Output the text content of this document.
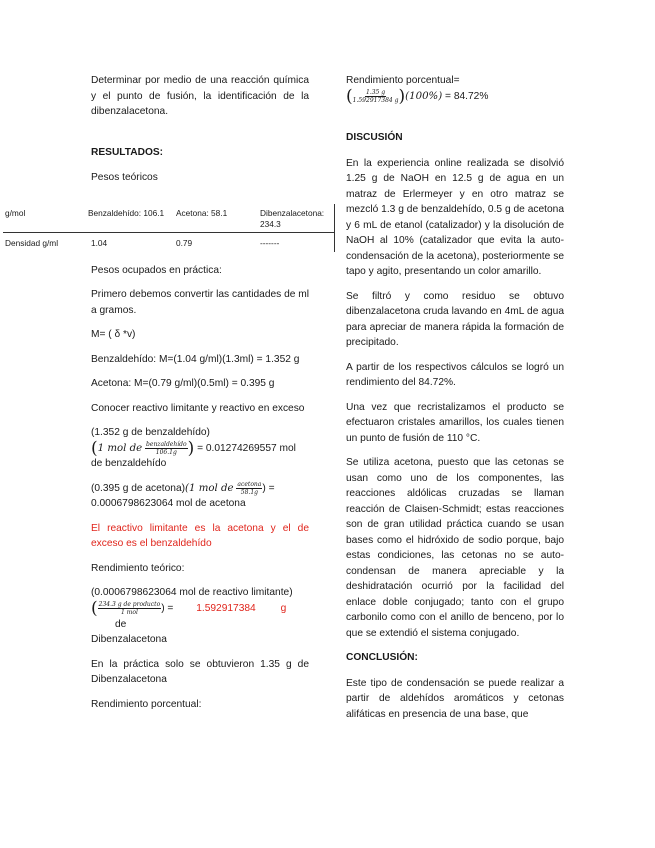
Determinar por medio de una reacción química y el punto de fusión, la identificación de la dibenzalacetona.

RESULTADOS:

Pesos teóricos

Pesos ocupados en práctica:

Primero debemos convertir las cantidades de ml a gramos.

M= ( δ *v)

Benzaldehído: M=(1.04 g/ml)(1.3ml) = 1.352 g

Acetona: M=(0.79 g/ml)(0.5ml) = 0.395 g

Conocer reactivo limitante y reactivo en exceso

(1.352 g de benzaldehído)
(1 mol de $\frac{\text{benzaldehído}}{106.1g}$ ) = 0.01274269557 mol
de benzaldehído

(0.395 g de acetona)(1 mol de $\frac{\text{acetona}}{58.1g}$ ) =
0.0006798623064 mol de acetona

El reactivo limitante es la acetona y el de exceso es el benzaldehído

Rendimiento teórico:

(0.0006798623064 mol de reactivo limitante)
( $\frac{\text{234.3 g de producto}}{\text{1 mol}}$ ) = 1.592917384 g de
Dibenzalacetona

En la práctica solo se obtuvieron 1.35 g de Dibenzalacetona

Rendimiento porcentual:

g/mol	Benzaldehído: 106.1	Acetona: 58.1	Dibenzalacetona: 234.3
Densidad g/ml	1.04	0.79	-------

Rendimiento porcentual=

( $\frac{1.35 g}{1.592917384 g} )(100\%) = 84.72\%$

DISCUSIÓN

En la experiencia online realizada se disolvió 1.25 g de NaOH en 12.5 g de agua en un matraz de Erlermeyer y en otro matraz se mezcló 1.3 g de benzaldehído, 0.5 g de acetona y 6 mL de etanol (catalizador) y la disolución de NaOH al 10% (catalizador que evita la auto-condensación de la acetona), posteriormente se tapo y agito, presentando un color amarillo.

Se filtró y como residuo se obtuvo dibenzalacetona cruda lavando en 4mL de agua para apreciar de manera rápida la formación de precipitado.

A partir de los respectivos cálculos se logró un rendimiento del 84.72%.

Una vez que recristalizamos el producto se efectuaron cristales amarillos, los cuales tienen un punto de fusión de 110 °C.

Se utiliza acetona, puesto que las cetonas se usan como uno de los componentes, las reacciones aldólicas cruzadas se llaman reacción de Claisen-Schmidt; estas reacciones son de gran utilidad práctica cuando se usan bases como el hidróxido de sodio porque, bajo estas condiciones, las cetonas no se auto-condensan de manera apreciable y la deshidratación ocurrió por la facilidad del enlace doble conjugado; tanto con el grupo carbonilo como con el anillo de benceno, por lo que se extendió el sistema conjugado.

CONCLUSIÓN:

Este tipo de condensación se puede realizar a partir de aldehídos aromáticos y cetonas alifáticas en presencia de una base, que
